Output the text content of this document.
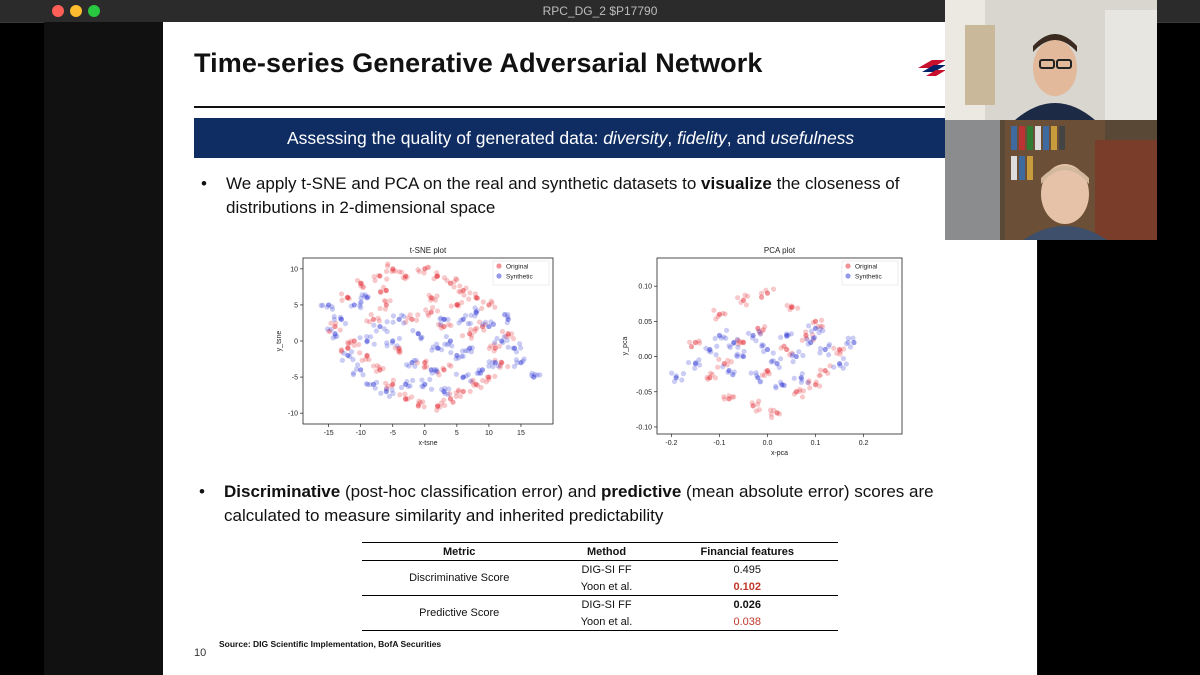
RPC_DG_2 $P17790
Time-series Generative Adversarial Network
Assessing the quality of generated data: diversity, fidelity, and usefulness
• We apply t-SNE and PCA on the real and synthetic datasets to visualize the closeness of distributions in 2-dimensional space
t-SNE plot
-15	-10	-5	0	5	10	15
10
5
0
-5
-10
x-tsne
y_tsne
Original
Synthetic
PCA plot
-0.2	-0.1	0.0	0.1	0.2
0.10
0.05
0.00
-0.05
-0.10
x-pca
y_pca
Original
Synthetic
• Discriminative (post-hoc classification error) and predictive (mean absolute error) scores are calculated to measure similarity and inherited predictability
Metric	Method	Financial features
Discriminative Score	DIG-SI FF	0.495
	Yoon et al.	0.102
Predictive Score	DIG-SI FF	0.026
	Yoon et al.	0.038
Source: DIG Scientific Implementation, BofA Securities
10
